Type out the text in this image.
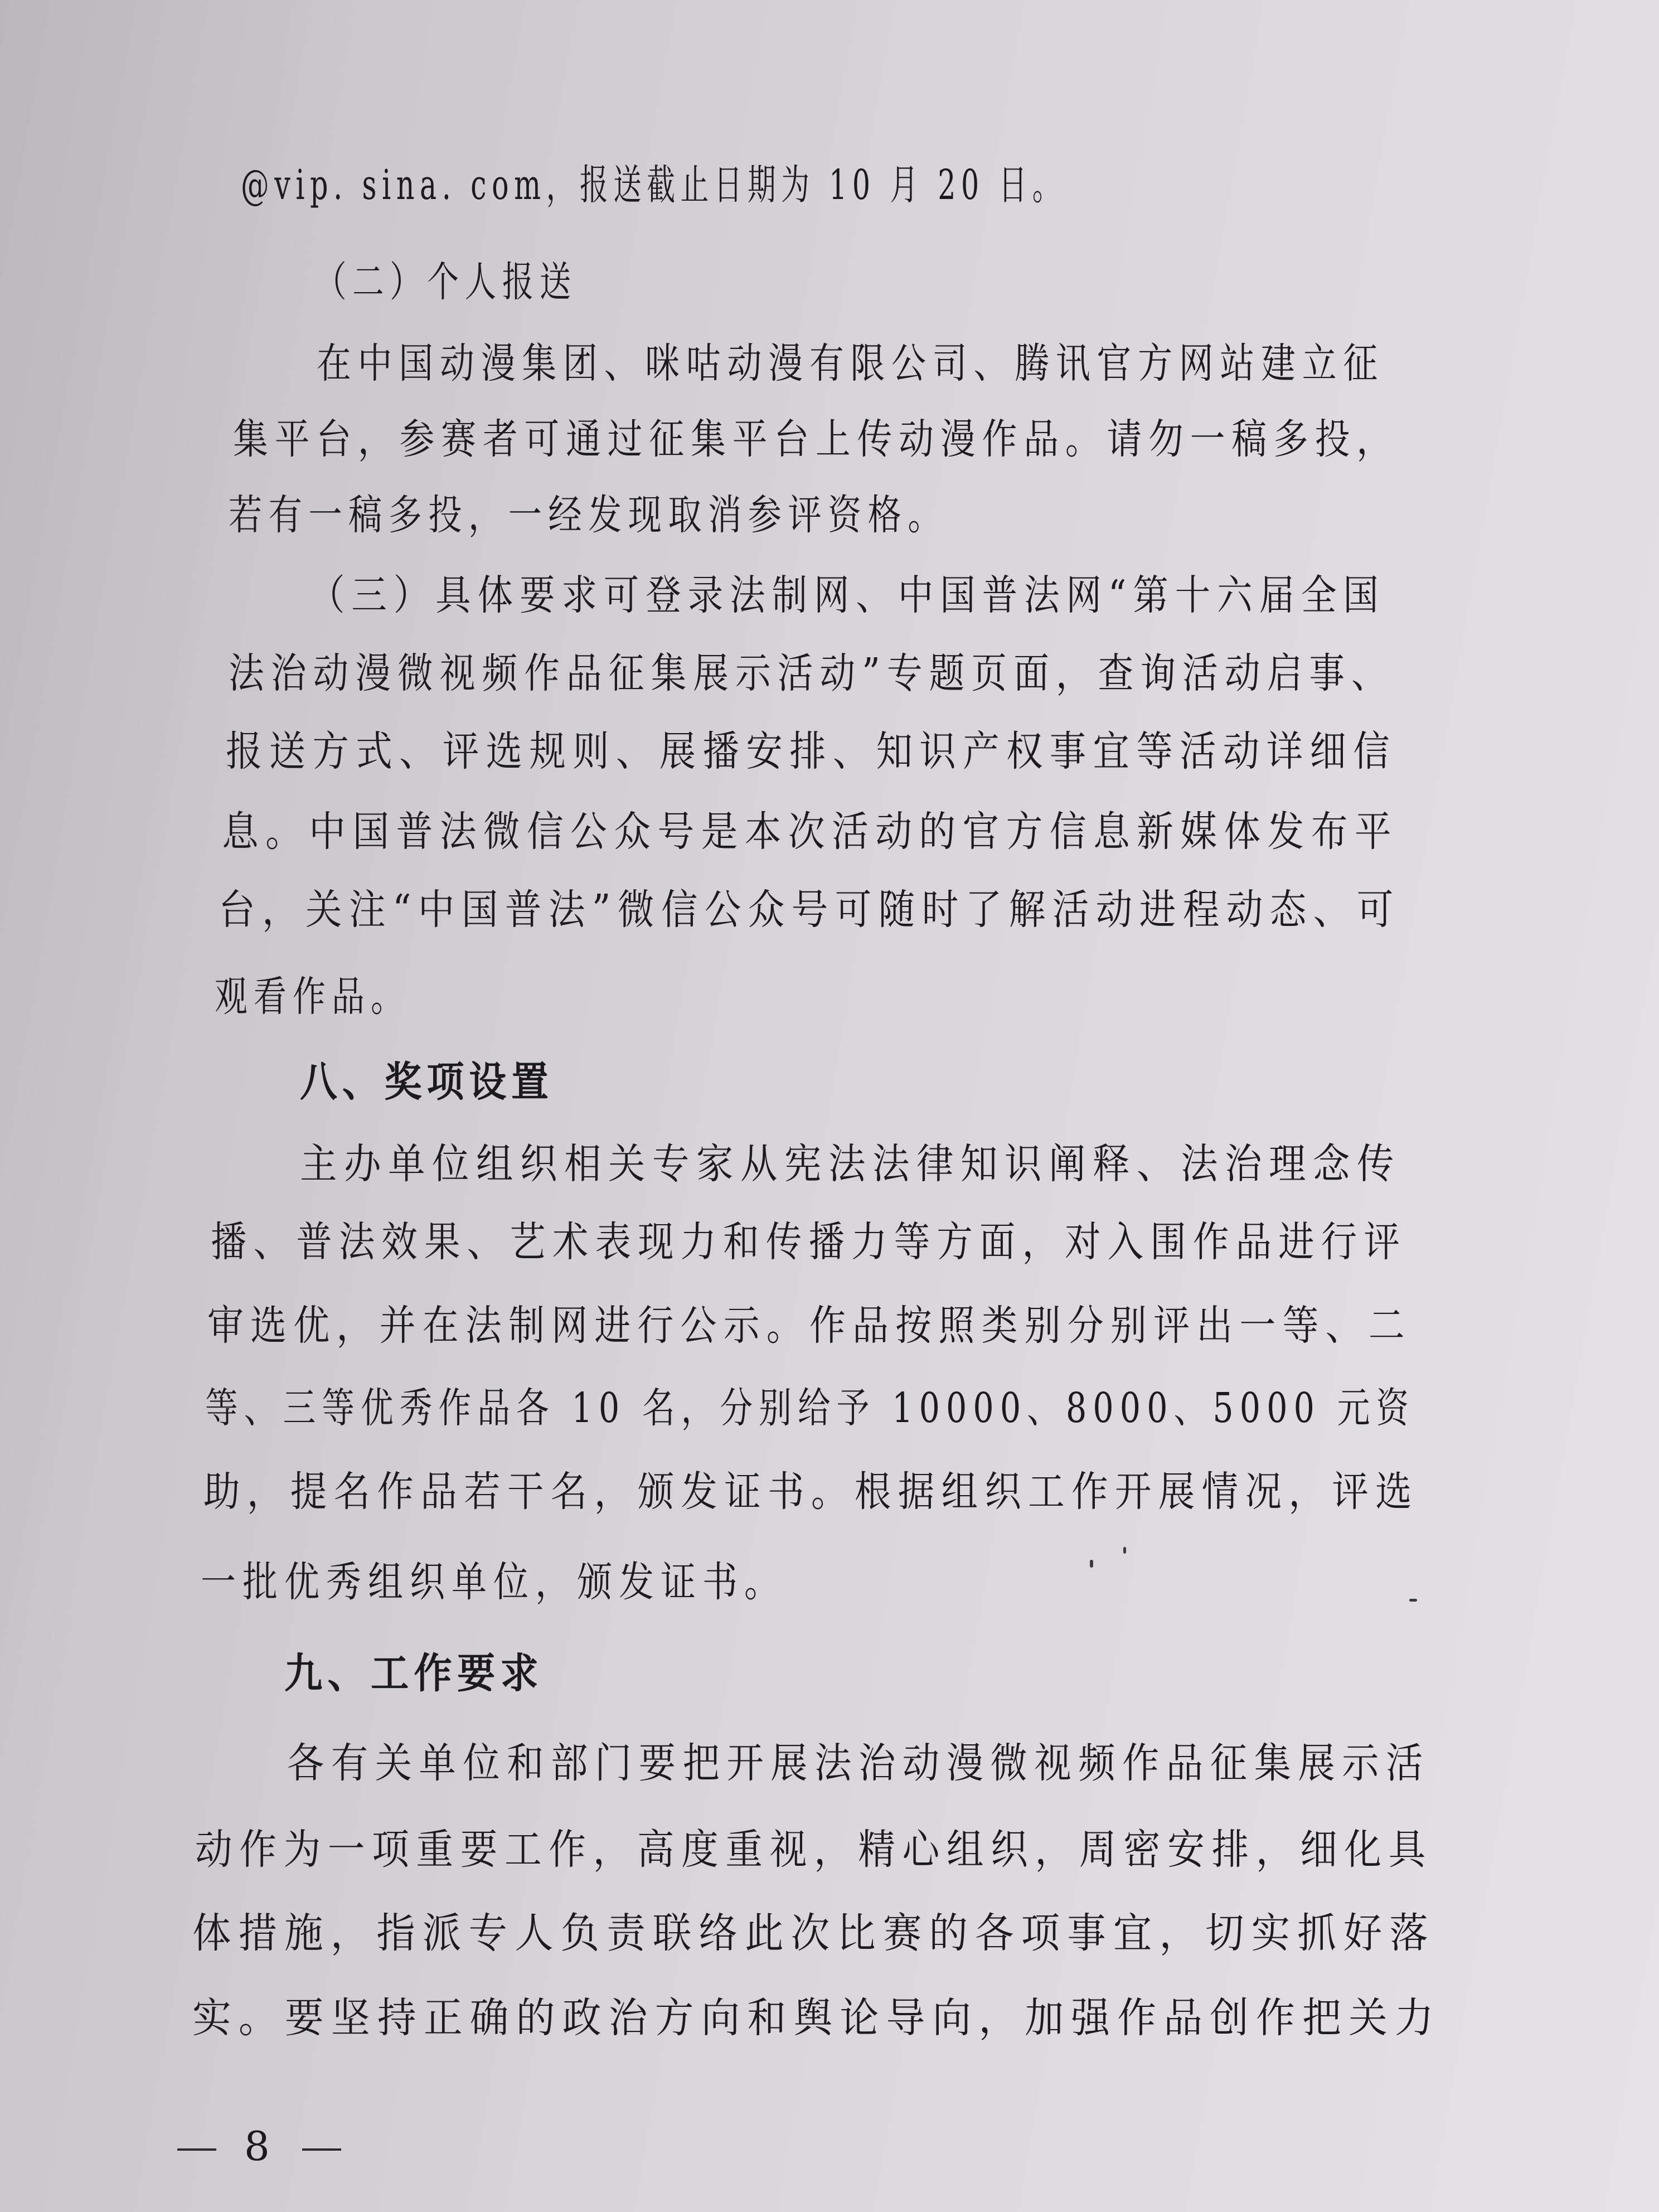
@vip. sina. com，报送截止日期为 10 月 20 日。
（二）个人报送
在中国动漫集团、咪咕动漫有限公司、腾讯官方网站建立征
集平台，参赛者可通过征集平台上传动漫作品。请勿一稿多投，
若有一稿多投，一经发现取消参评资格。
（三）具体要求可登录法制网、中国普法网“第十六届全国
法治动漫微视频作品征集展示活动”专题页面，查询活动启事、
报送方式、评选规则、展播安排、知识产权事宜等活动详细信
息。中国普法微信公众号是本次活动的官方信息新媒体发布平
台，关注“中国普法”微信公众号可随时了解活动进程动态、可
观看作品。
八、奖项设置
主办单位组织相关专家从宪法法律知识阐释、法治理念传
播、普法效果、艺术表现力和传播力等方面，对入围作品进行评
审选优，并在法制网进行公示。作品按照类别分别评出一等、二
等、三等优秀作品各 10 名，分别给予 10000、8000、5000 元资
助，提名作品若干名，颁发证书。根据组织工作开展情况，评选
一批优秀组织单位，颁发证书。
九、工作要求
各有关单位和部门要把开展法治动漫微视频作品征集展示活
动作为一项重要工作，高度重视，精心组织，周密安排，细化具
体措施，指派专人负责联络此次比赛的各项事宜，切实抓好落
实。要坚持正确的政治方向和舆论导向，加强作品创作把关力
8
